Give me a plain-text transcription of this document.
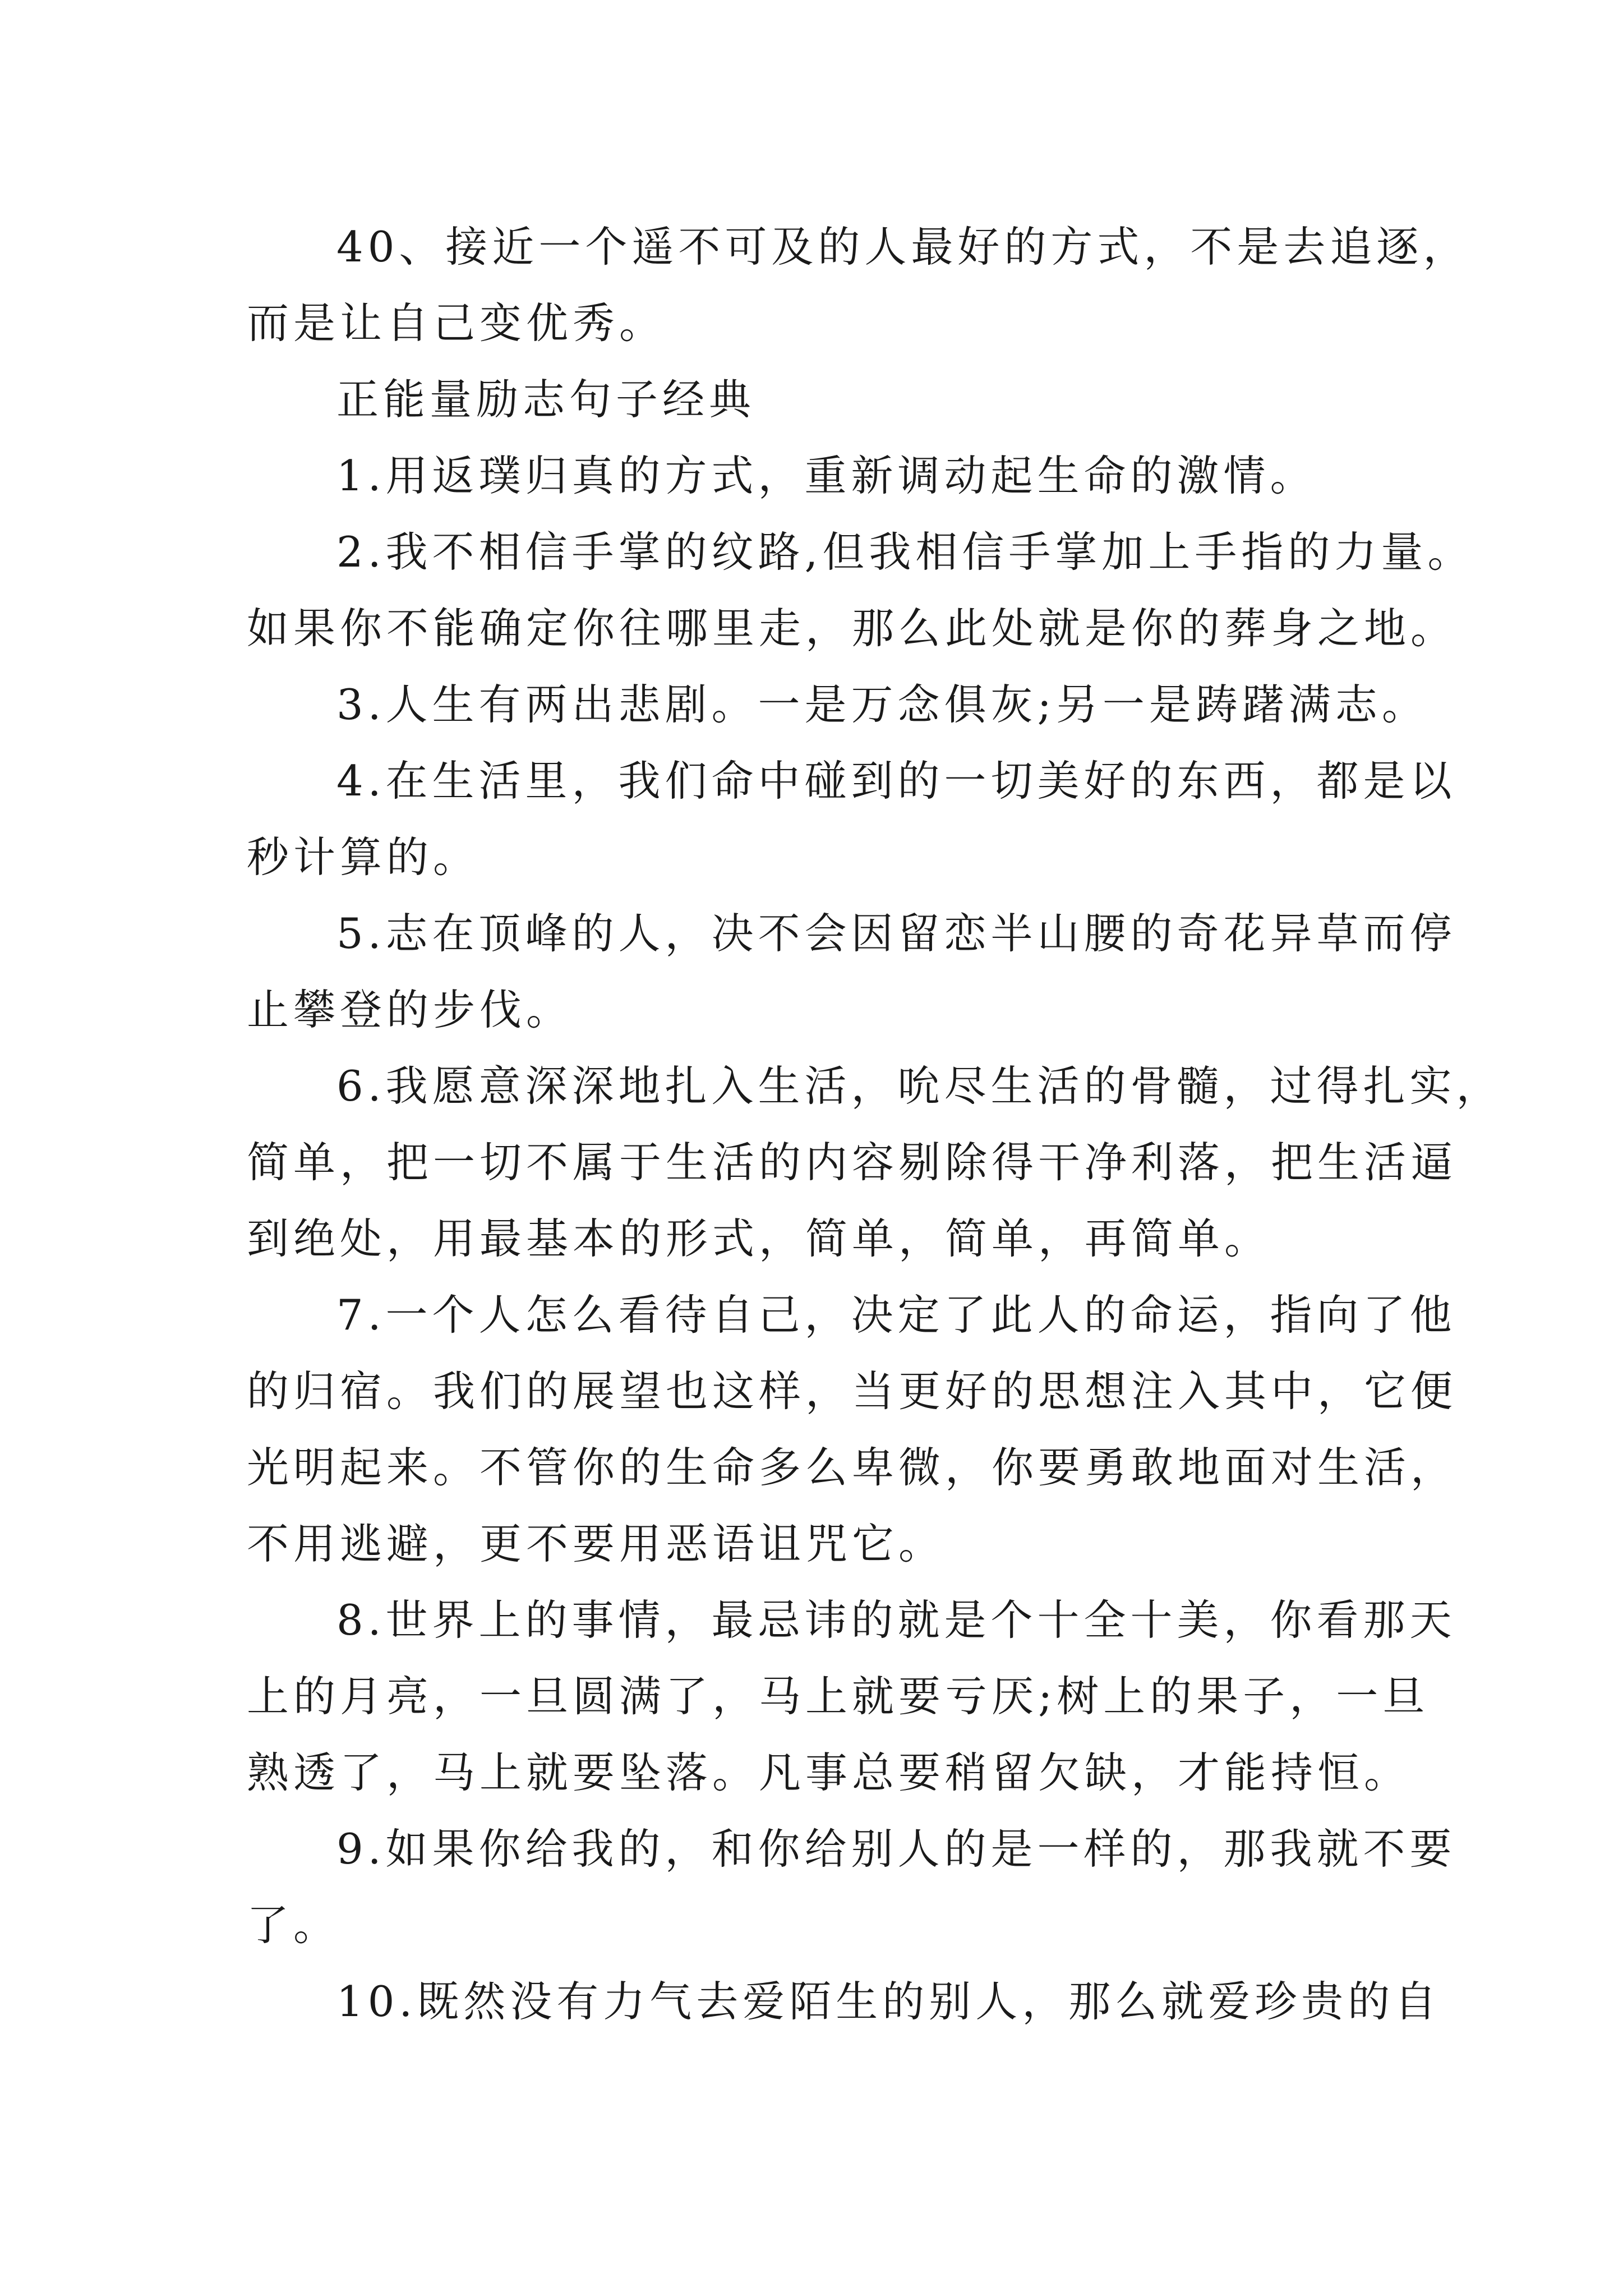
40、接近一个遥不可及的人最好的方式，不是去追逐，
而是让自己变优秀。
正能量励志句子经典
1.用返璞归真的方式，重新调动起生命的激情。
2.我不相信手掌的纹路,但我相信手掌加上手指的力量。
如果你不能确定你往哪里走，那么此处就是你的葬身之地。
3.人生有两出悲剧。一是万念俱灰;另一是踌躇满志。
4.在生活里，我们命中碰到的一切美好的东西，都是以
秒计算的。
5.志在顶峰的人，决不会因留恋半山腰的奇花异草而停
止攀登的步伐。
6.我愿意深深地扎入生活，吮尽生活的骨髓，过得扎实，
简单，把一切不属于生活的内容剔除得干净利落，把生活逼
到绝处，用最基本的形式，简单，简单，再简单。
7.一个人怎么看待自己，决定了此人的命运，指向了他
的归宿。我们的展望也这样，当更好的思想注入其中，它便
光明起来。不管你的生命多么卑微，你要勇敢地面对生活，
不用逃避，更不要用恶语诅咒它。
8.世界上的事情，最忌讳的就是个十全十美，你看那天
上的月亮，一旦圆满了，马上就要亏厌;树上的果子，一旦
熟透了，马上就要坠落。凡事总要稍留欠缺，才能持恒。
9.如果你给我的，和你给别人的是一样的，那我就不要
了。
10.既然没有力气去爱陌生的别人，那么就爱珍贵的自
